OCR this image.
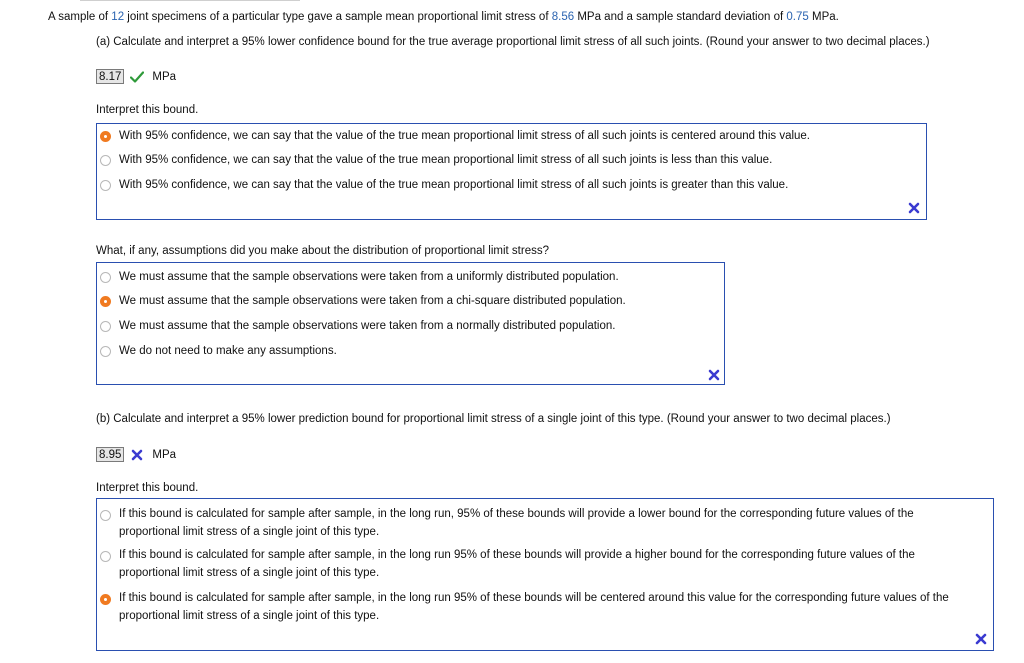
A sample of 12 joint specimens of a particular type gave a sample mean proportional limit stress of 8.56 MPa and a sample standard deviation of 0.75 MPa.
(a) Calculate and interpret a 95% lower confidence bound for the true average proportional limit stress of all such joints. (Round your answer to two decimal places.)
8.17	MPa
Interpret this bound.
With 95% confidence, we can say that the value of the true mean proportional limit stress of all such joints is centered around this value.
With 95% confidence, we can say that the value of the true mean proportional limit stress of all such joints is less than this value.
With 95% confidence, we can say that the value of the true mean proportional limit stress of all such joints is greater than this value.
What, if any, assumptions did you make about the distribution of proportional limit stress?
We must assume that the sample observations were taken from a uniformly distributed population.
We must assume that the sample observations were taken from a chi-square distributed population.
We must assume that the sample observations were taken from a normally distributed population.
We do not need to make any assumptions.
(b) Calculate and interpret a 95% lower prediction bound for proportional limit stress of a single joint of this type. (Round your answer to two decimal places.)
8.95	MPa
Interpret this bound.
If this bound is calculated for sample after sample, in the long run, 95% of these bounds will provide a lower bound for the corresponding future values of the proportional limit stress of a single joint of this type.
If this bound is calculated for sample after sample, in the long run 95% of these bounds will provide a higher bound for the corresponding future values of the proportional limit stress of a single joint of this type.
If this bound is calculated for sample after sample, in the long run 95% of these bounds will be centered around this value for the corresponding future values of the proportional limit stress of a single joint of this type.
